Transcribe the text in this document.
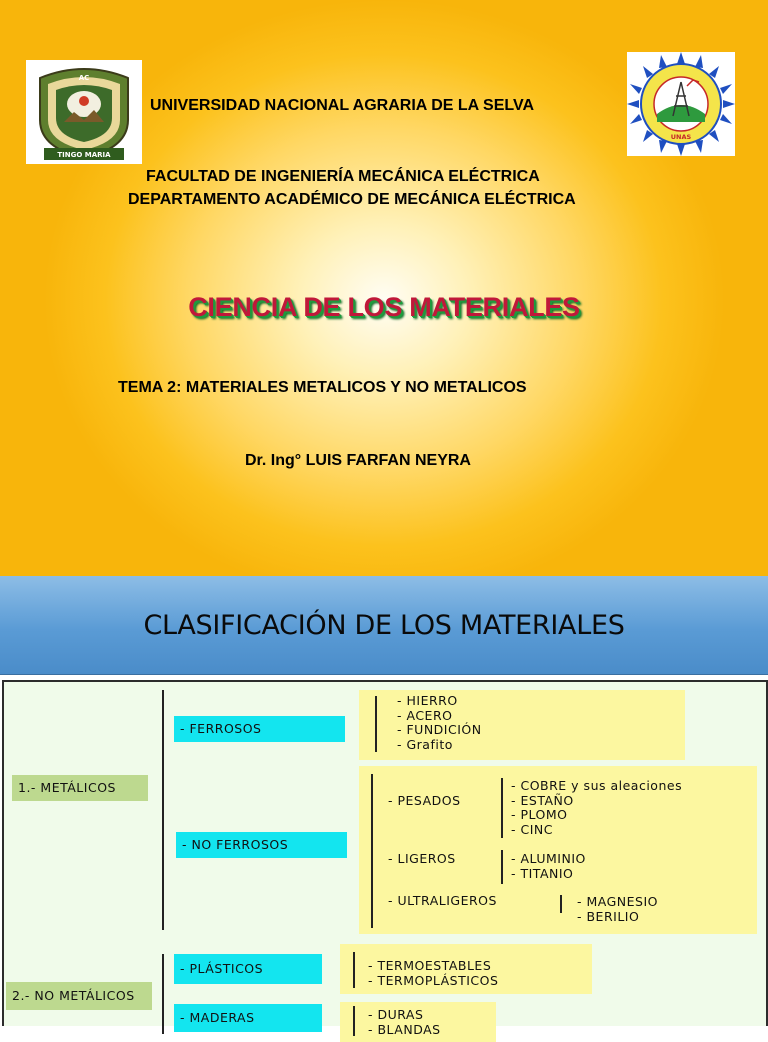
TINGO MARIA
AC
UNAS
UNIVERSIDAD NACIONAL AGRARIA DE LA SELVA
FACULTAD DE INGENIERÍA MECÁNICA ELÉCTRICA
DEPARTAMENTO ACADÉMICO DE MECÁNICA ELÉCTRICA
CIENCIA DE LOS MATERIALES
TEMA 2: MATERIALES METALICOS Y NO METALICOS
Dr. Ing° LUIS FARFAN NEYRA
CLASIFICACIÓN DE LOS MATERIALES
1.- METÁLICOS
2.- NO METÁLICOS
- FERROSOS
- HIERRO
- ACERO
- FUNDICIÓN
- Grafito
- NO FERROSOS
- PESADOS
- COBRE y sus aleaciones
- ESTAÑO
- PLOMO
- CINC
- LIGEROS	- ALUMINIO
- TITANIO
- ULTRALIGEROS	- MAGNESIO
- BERILIO
- PLÁSTICOS	- TERMOESTABLES
- TERMOPLÁSTICOS
- MADERAS	- DURAS
- BLANDAS
